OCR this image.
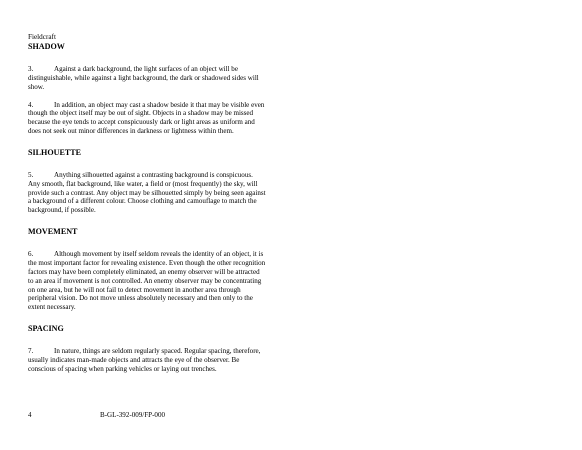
Fieldcraft
SHADOW

3.	Against a dark background, the light surfaces of an object will be distinguishable, while against a light background, the dark or shadowed sides will show.

4.	In addition, an object may cast a shadow beside it that may be visible even though the object itself may be out of sight. Objects in a shadow may be missed because the eye tends to accept conspicuously dark or light areas as uniform and does not seek out minor differences in darkness or lightness within them.

SILHOUETTE

5.	Anything silhouetted against a contrasting background is conspicuous. Any smooth, flat background, like water, a field or (most frequently) the sky, will provide such a contrast. Any object may be silhouetted simply by being seen against a background of a different colour. Choose clothing and camouflage to match the background, if possible.

MOVEMENT

6.	Although movement by itself seldom reveals the identity of an object, it is the most important factor for revealing existence. Even though the other recognition factors may have been completely eliminated, an enemy observer will be attracted to an area if movement is not controlled. An enemy observer may be concentrating on one area, but he will not fail to detect movement in another area through peripheral vision. Do not move unless absolutely necessary and then only to the extent necessary.

SPACING

7.	In nature, things are seldom regularly spaced. Regular spacing, therefore, usually indicates man-made objects and attracts the eye of the observer. Be conscious of spacing when parking vehicles or laying out trenches.

4	B-GL-392-009/FP-000
